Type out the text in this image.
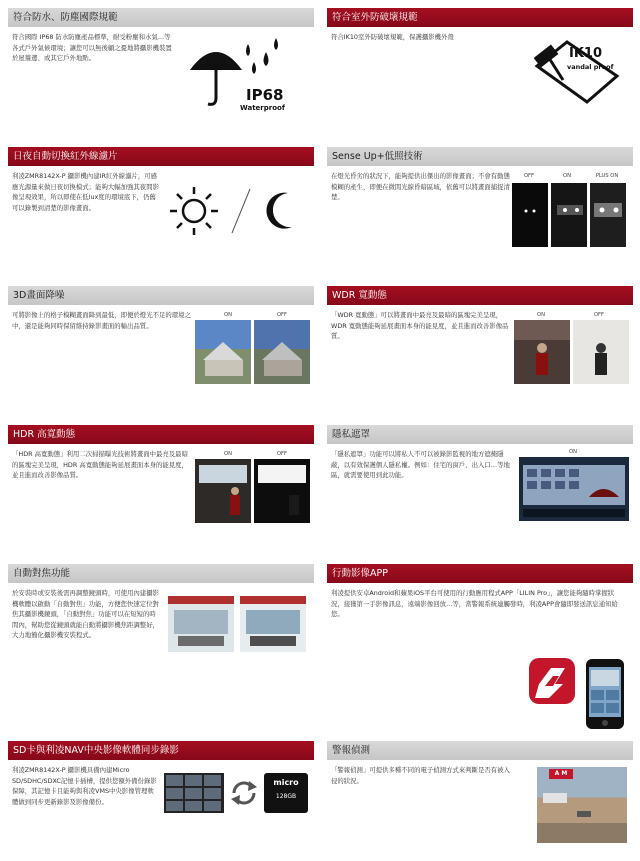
符合防水、防塵國際規範
符合國際 IP68 防水防塵產品標準，耐受粉塵和水氣…等各式戶外氣候環境；讓您可以無後顧之憂地將攝影機裝置於屋簷邊、或其它戶外地點。
IP68
Waterproof
符合室外防破壞規範
符合IK10室外防破壞規範，保護攝影機外殼
IK10
vandal proof
日夜自動切換紅外線濾片
利凌ZMR8142X-P 攝影機內建IR紅外線濾片，可感應光源量來做日夜切換模式；能夠大幅加強其夜間影像呈現效果，所以即使在低lux度的環境底下，仍舊可以錄製到清楚的影像畫面。
Sense Up+低照技術
在燈光昏劣的狀況下，能夠提供出傑出的影像畫面；不會有動態模糊的產生，即便在微間光線昏暗區域，依舊可以將畫面捕捉清楚。
OFF	ON	PLUS ON
3D畫面降噪
可將影像上的格子模糊畫面降到最低，即便於燈光不足的環境之中，還是能夠同時保留維持錄影畫面的輸出品質。
ON	OFF
WDR 寬動態
「WDR 寬動態」可以將畫面中最亮及最暗的區塊完美呈現，WDR 寬動態能夠延展畫面本身的能見度，並且進而改善影像品質。
ON	OFF
HDR 高寬動態
「HDR 高寬動態」利用二次掃描曝光技術將畫面中最亮及最暗的區塊完美呈現，HDR 高寬動態能夠延展畫面本身的能見度，並且進而改善影像品質。
ON	OFF
隱私遮罩
「隱私遮罩」功能可以將私人不可以被錄影監視的地方遮掩隱蔽，以有效保護個人隱私權。例如：住宅的窗戶、出入口…等地區，就需要使用到此功能。
ON
自動對焦功能
於安裝時或安裝後需再調整鏡頭時，可使用內建攝影機軟體以啟動「自動對焦」功能，方便您快速定位對焦其攝影機鏡頭，「自動對焦」功能可以在短短的時間內，幫助您從鏡頭就能自動將攝影機焦距調整好，大力地簡化攝影機安裝程式。
行動影像APP
利凌提供安卓Android和蘋果iOS平台可使用的行動應用程式APP「LILIN Pro」，讓您能夠隨時掌握狀況，接獲第一手影像訊息，遠端影像回放…等，當警報系統連觸發時，利凌APP會隨即發送訊息通知給您。
SD卡與利凌NAV中央影像軟體同步錄影
利凌ZMR8142X-P 攝影機具備內建Micro SD/SDHC/SDXC記憶卡插槽，提供您額外備份錄影保障，其記憶卡且能夠與利凌VMS中央影像管理軟體做到同步更新錄影及影像備份。
micro
128GB
警報偵測
「警報偵測」可提供多種不同的電子偵測方式來判斷是否有被入侵的狀況。
A M
